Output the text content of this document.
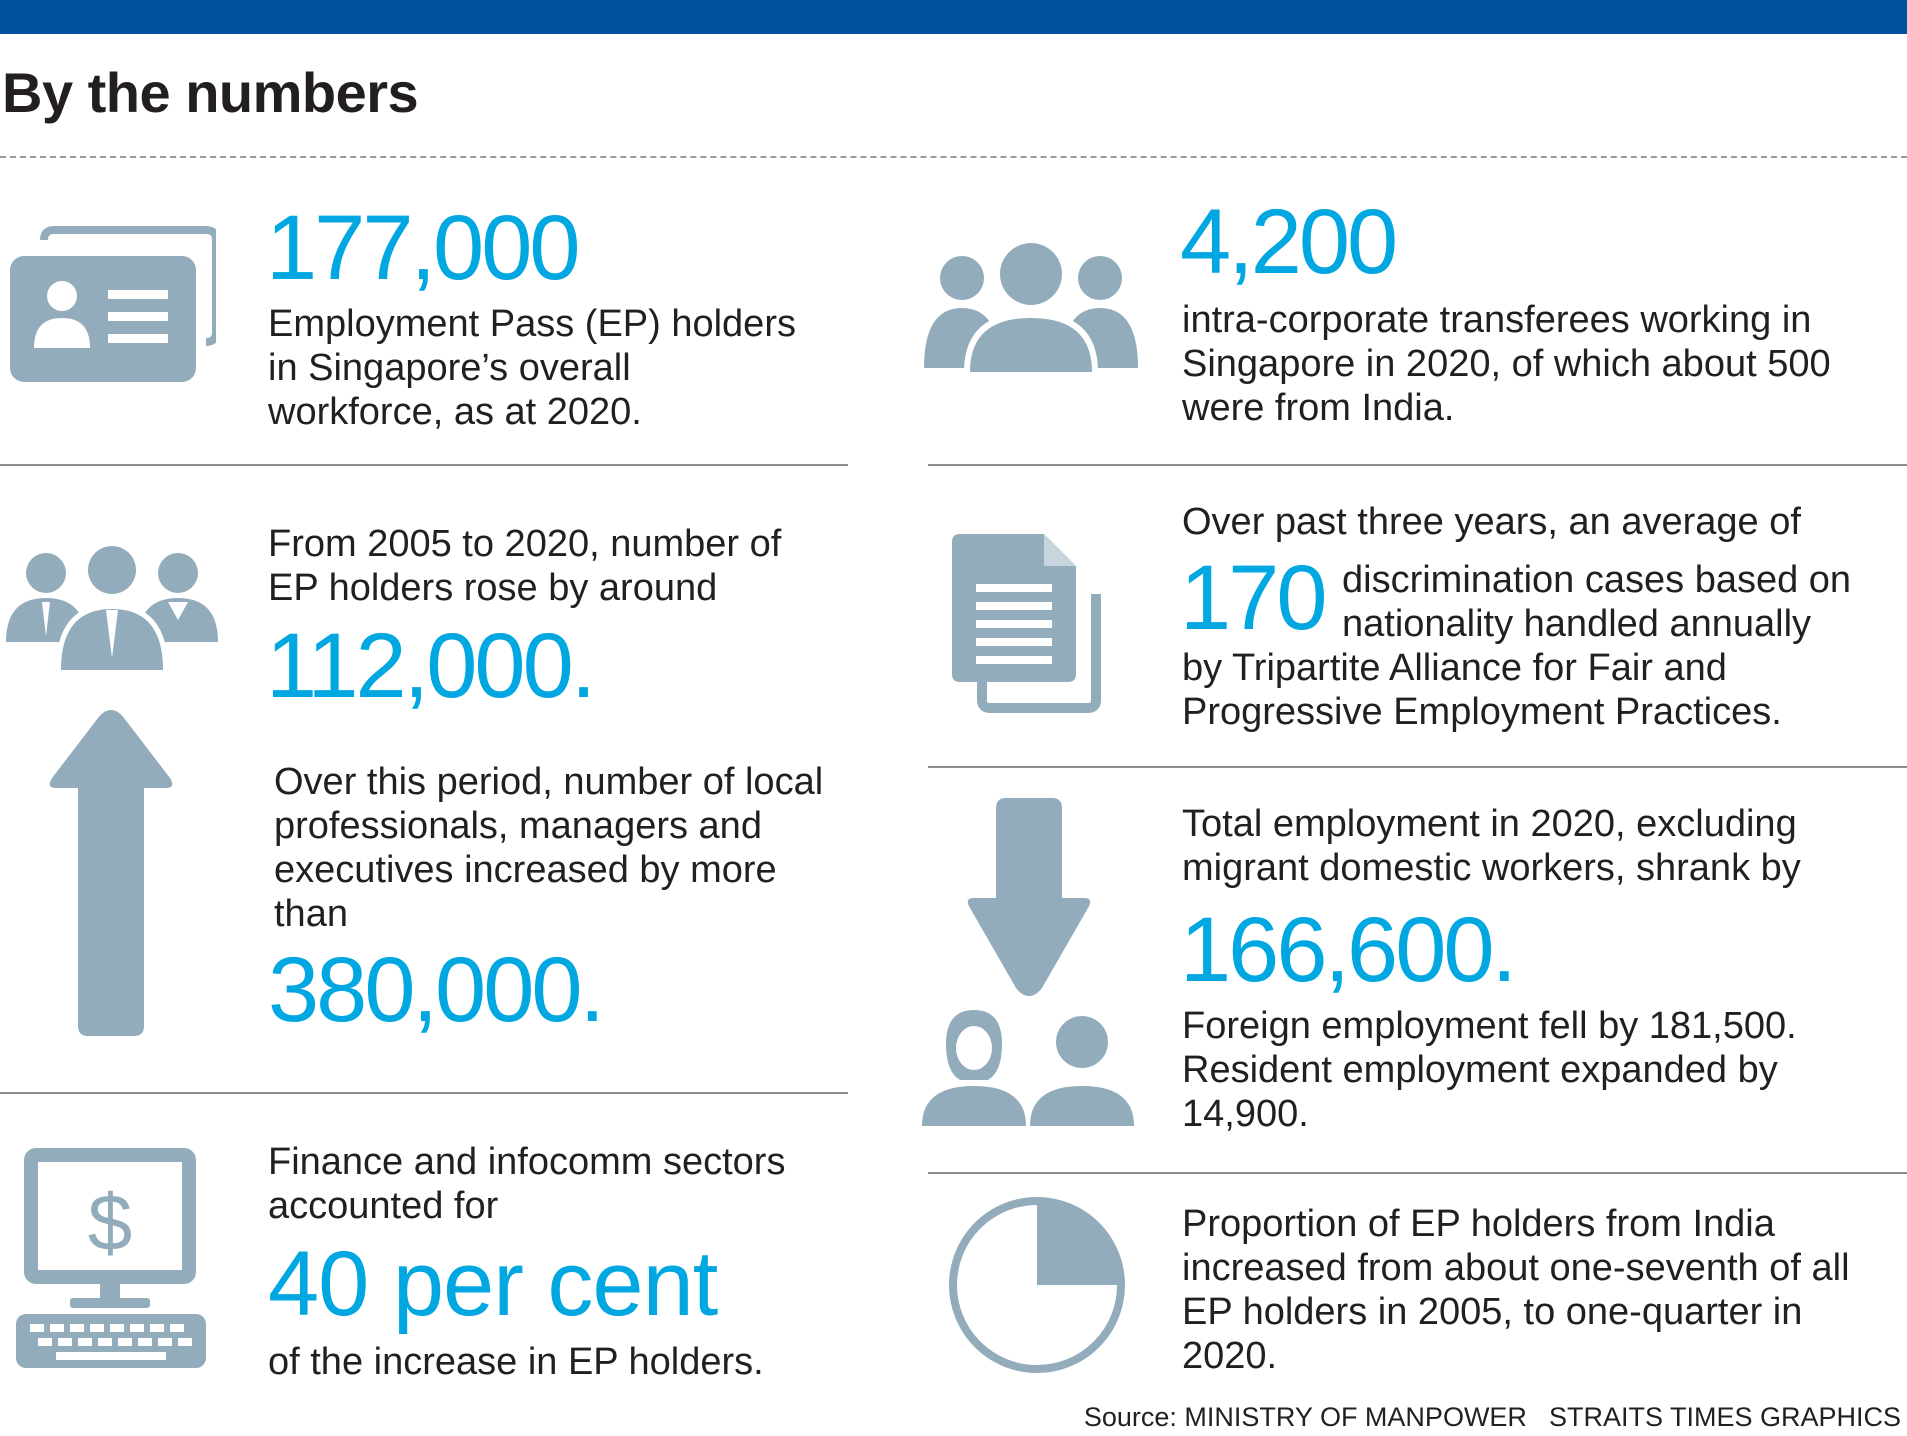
By the numbers
177,000
Employment Pass (EP) holders in Singapore’s overall workforce, as at 2020.
From 2005 to 2020, number of EP holders rose by around
112,000.
Over this period, number of local professionals, managers and executives increased by more than
380,000.
$
Finance and infocomm sectors accounted for
40 per cent
of the increase in EP holders.
4,200
intra-corporate transferees working in Singapore in 2020, of which about 500 were from India.
Over past three years, an average of
170 discrimination cases based on nationality handled annually
by Tripartite Alliance for Fair and Progressive Employment Practices.
Total employment in 2020, excluding migrant domestic workers, shrank by
166,600.
Foreign employment fell by 181,500. Resident employment expanded by 14,900.
Proportion of EP holders from India increased from about one-seventh of all EP holders in 2005, to one-quarter in 2020.
Source: MINISTRY OF MANPOWER STRAITS TIMES GRAPHICS
